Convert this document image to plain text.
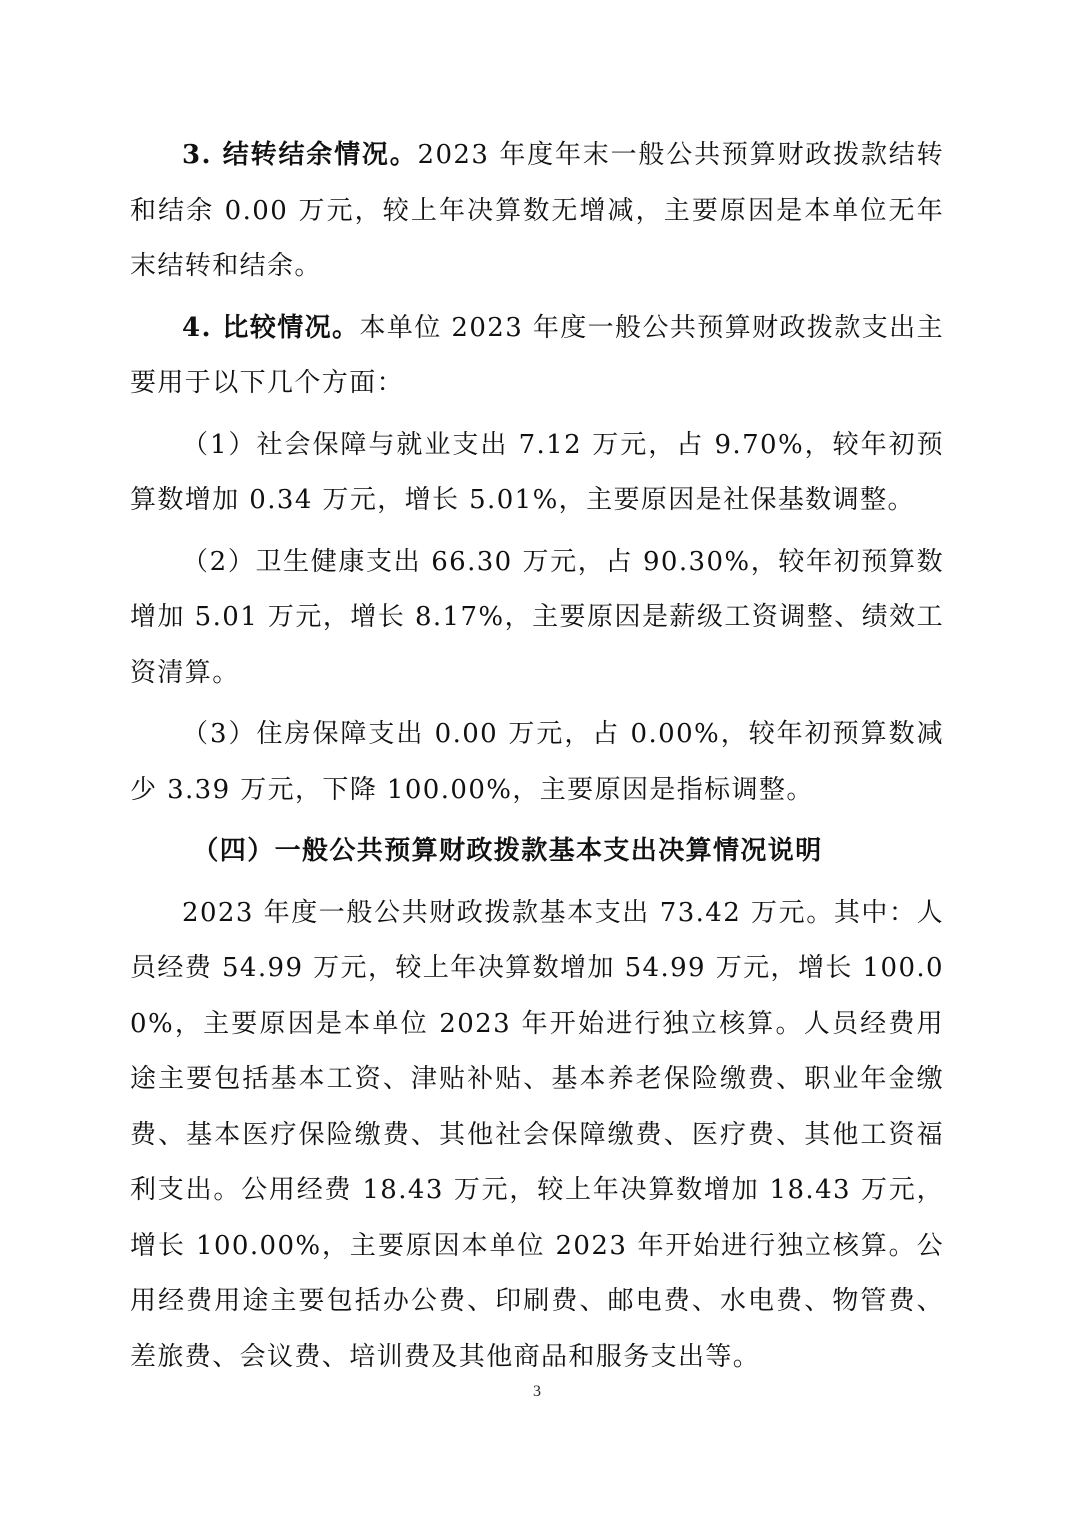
3. 结转结余情况。2023 年度年末一般公共预算财政拨款结转和结余 0.00 万元，较上年决算数无增减，主要原因是本单位无年末结转和结余。

4. 比较情况。本单位 2023 年度一般公共预算财政拨款支出主要用于以下几个方面：

（1）社会保障与就业支出 7.12 万元，占 9.70%，较年初预算数增加 0.34 万元，增长 5.01%，主要原因是社保基数调整。

（2）卫生健康支出 66.30 万元，占 90.30%，较年初预算数增加 5.01 万元，增长 8.17%，主要原因是薪级工资调整、绩效工资清算。

（3）住房保障支出 0.00 万元，占 0.00%，较年初预算数减少 3.39 万元，下降 100.00%，主要原因是指标调整。

（四）一般公共预算财政拨款基本支出决算情况说明

2023 年度一般公共财政拨款基本支出 73.42 万元。其中：人员经费 54.99 万元，较上年决算数增加 54.99 万元，增长 100.00%，主要原因是本单位 2023 年开始进行独立核算。人员经费用途主要包括基本工资、津贴补贴、基本养老保险缴费、职业年金缴费、基本医疗保险缴费、其他社会保障缴费、医疗费、其他工资福利支出。公用经费 18.43 万元，较上年决算数增加 18.43 万元，增长 100.00%，主要原因本单位 2023 年开始进行独立核算。公用经费用途主要包括办公费、印刷费、邮电费、水电费、物管费、差旅费、会议费、培训费及其他商品和服务支出等。

3
